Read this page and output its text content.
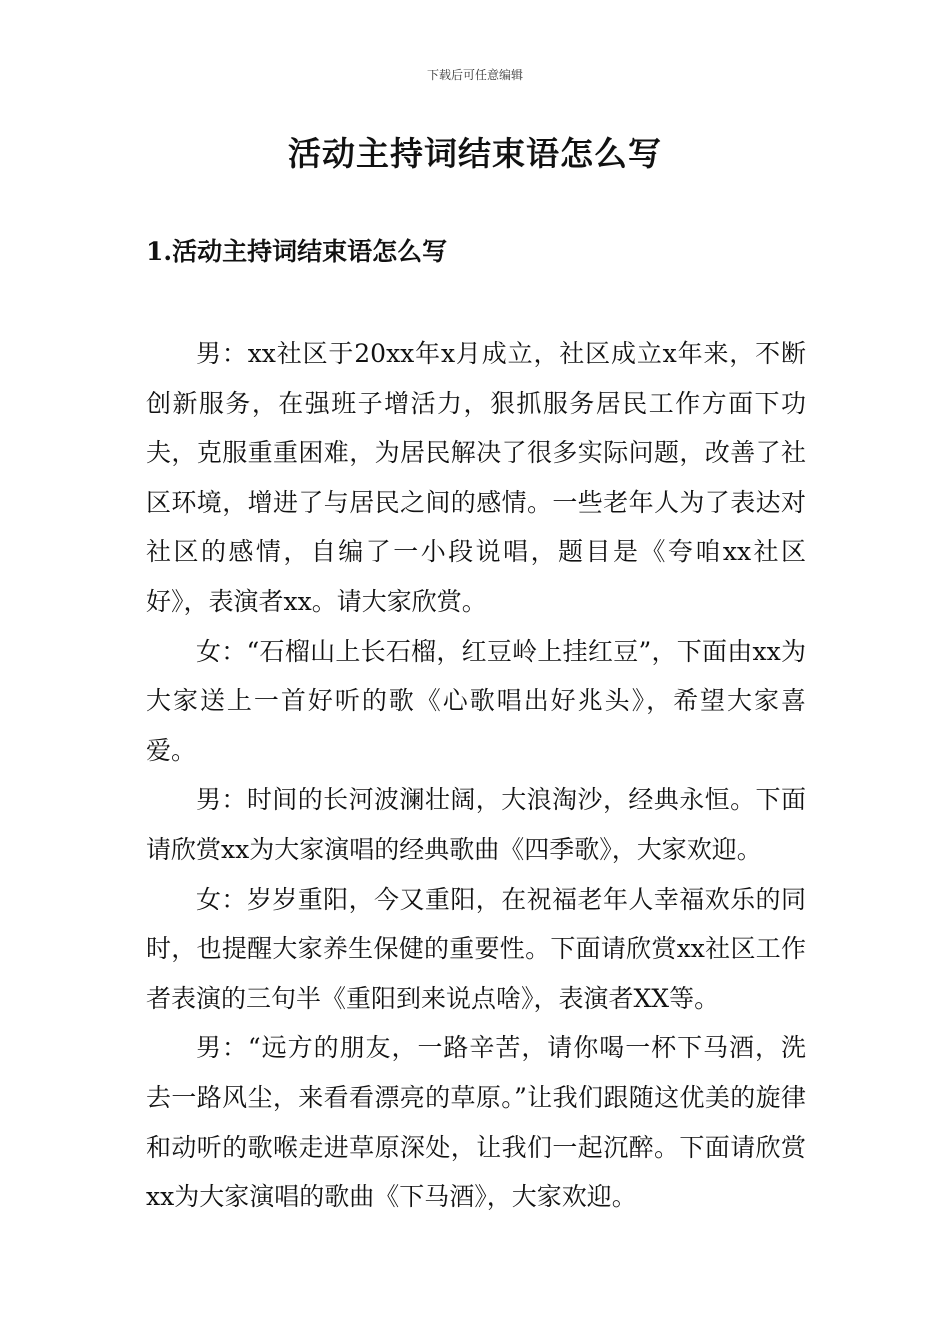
下载后可任意编辑
活动主持词结束语怎么写
1.活动主持词结束语怎么写

男：xx社区于20xx年x月成立，社区成立x年来，不断创新服务，在强班子增活力，狠抓服务居民工作方面下功夫，克服重重困难，为居民解决了很多实际问题，改善了社区环境，增进了与居民之间的感情。一些老年人为了表达对社区的感情，自编了一小段说唱，题目是《夸咱xx社区好》，表演者xx。请大家欣赏。

女：“石榴山上长石榴，红豆岭上挂红豆”，下面由xx为大家送上一首好听的歌《心歌唱出好兆头》，希望大家喜爱。

男：时间的长河波澜壮阔，大浪淘沙，经典永恒。下面请欣赏xx为大家演唱的经典歌曲《四季歌》，大家欢迎。

女：岁岁重阳，今又重阳，在祝福老年人幸福欢乐的同时，也提醒大家养生保健的重要性。下面请欣赏xx社区工作者表演的三句半《重阳到来说点啥》，表演者XX等。

男：“远方的朋友，一路辛苦，请你喝一杯下马酒，洗去一路风尘，来看看漂亮的草原。”让我们跟随这优美的旋律和动听的歌喉走进草原深处，让我们一起沉醉。下面请欣赏xx为大家演唱的歌曲《下马酒》，大家欢迎。
